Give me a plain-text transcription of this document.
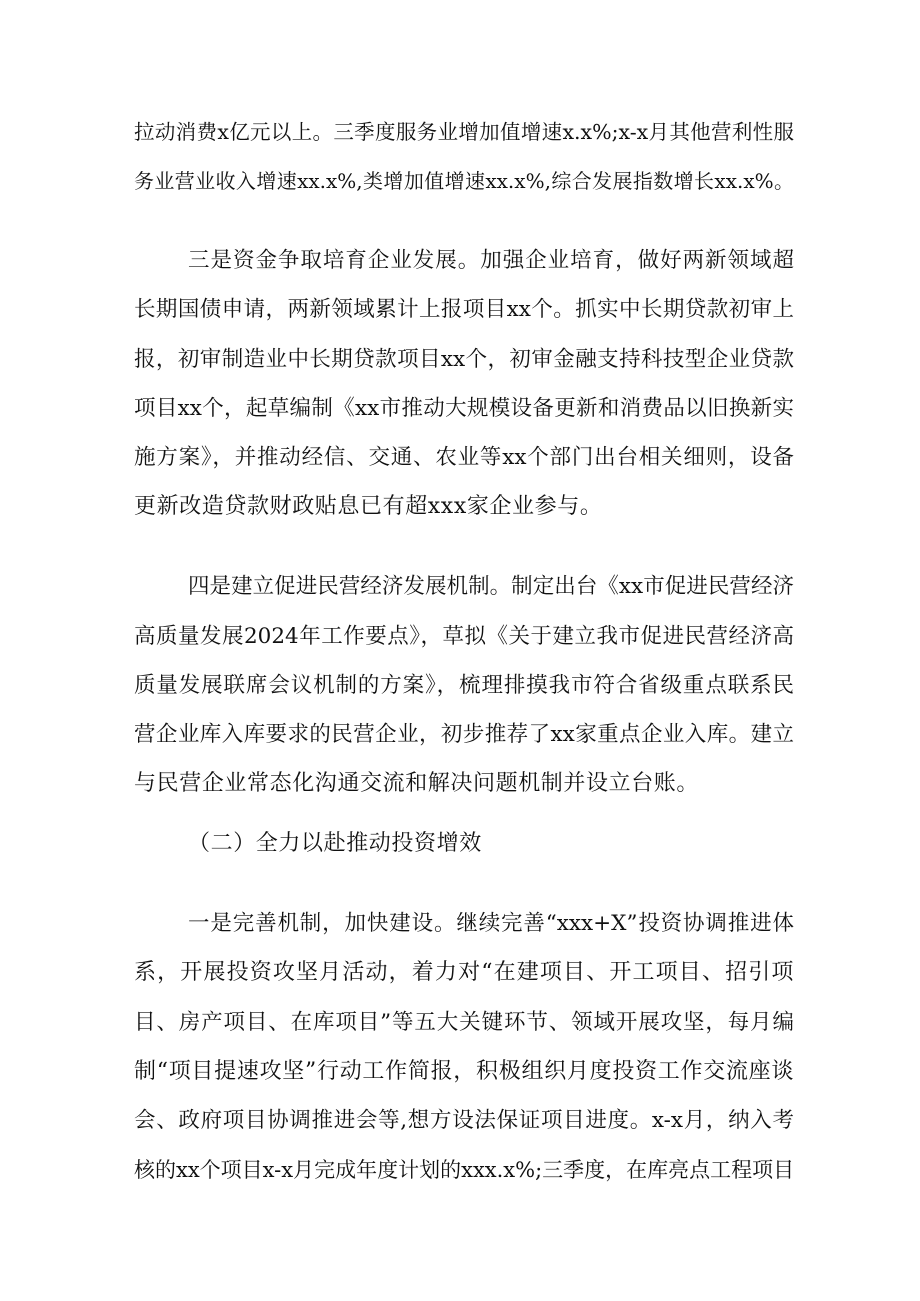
拉动消费x亿元以上。三季度服务业增加值增速x.x%;x-x月其他营利性服
务业营业收入增速xx.x%,类增加值增速xx.x%,综合发展指数增长xx.x%。
三是资金争取培育企业发展。加强企业培育，做好两新领域超
长期国债申请，两新领域累计上报项目xx个。抓实中长期贷款初审上
报，初审制造业中长期贷款项目xx个，初审金融支持科技型企业贷款
项目xx个，起草编制《xx市推动大规模设备更新和消费品以旧换新实
施方案》，并推动经信、交通、农业等xx个部门出台相关细则，设备
更新改造贷款财政贴息已有超xxx家企业参与。
四是建立促进民营经济发展机制。制定出台《xx市促进民营经济
高质量发展2024年工作要点》，草拟《关于建立我市促进民营经济高
质量发展联席会议机制的方案》，梳理排摸我市符合省级重点联系民
营企业库入库要求的民营企业，初步推荐了xx家重点企业入库。建立
与民营企业常态化沟通交流和解决问题机制并设立台账。
（二）全力以赴推动投资增效
一是完善机制，加快建设。继续完善“xxx+X”投资协调推进体
系，开展投资攻坚月活动，着力对“在建项目、开工项目、招引项
目、房产项目、在库项目”等五大关键环节、领域开展攻坚，每月编
制“项目提速攻坚”行动工作简报，积极组织月度投资工作交流座谈
会、政府项目协调推进会等,想方设法保证项目进度。x-x月，纳入考
核的xx个项目x-x月完成年度计划的xxx.x%;三季度，在库亮点工程项目
